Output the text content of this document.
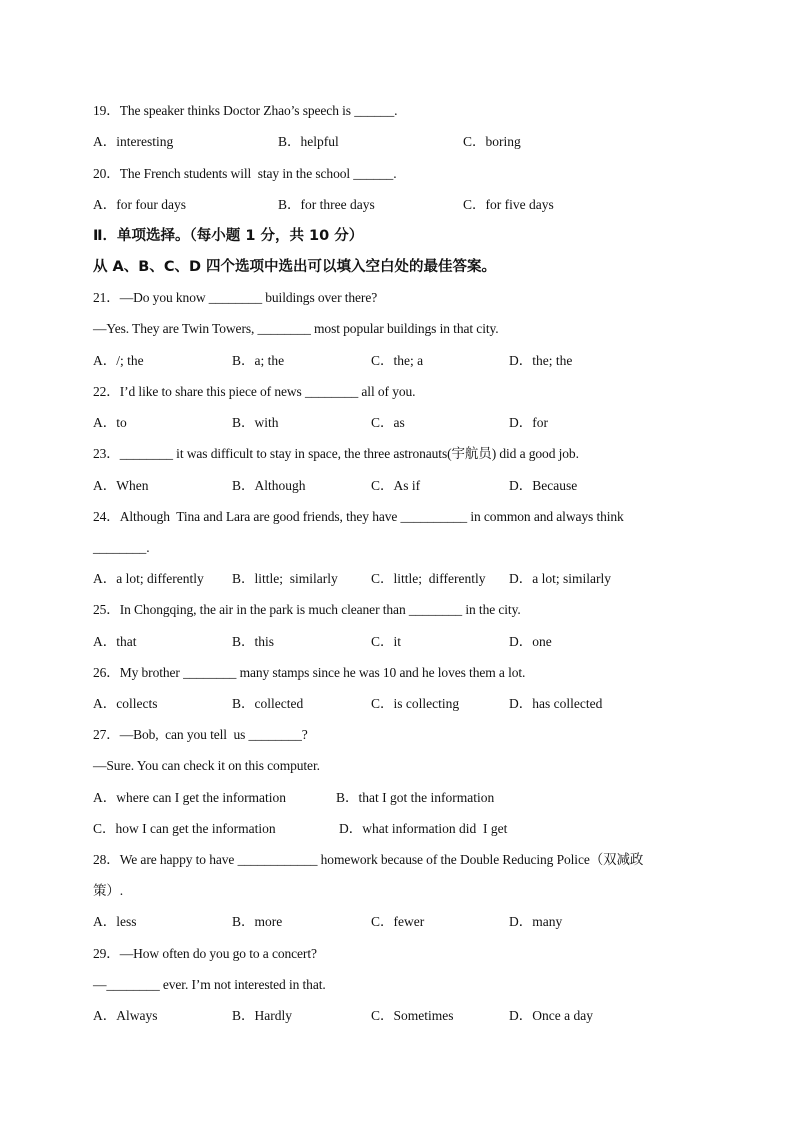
19．The speaker thinks Doctor Zhao’s speech is ______.
A．interesting	B．helpful	C．boring
20．The French students will  stay in the school ______.
A．for four days	B．for three days	C．for five days
Ⅱ．单项选择。（每小题 1 分，共 10 分）
从 A、B、C、D 四个选项中选出可以填入空白处的最佳答案。
21．—Do you know ________ buildings over there?
—Yes. They are Twin Towers, ________ most popular buildings in that city.
A．/; the	B．a; the	C．the; a	D．the; the
22．I’d like to share this piece of news ________ all of you.
A．to	B．with	C．as	D．for
23．________ it was difficult to stay in space, the three astronauts(宇航员) did a good job.
A．When	B．Although	C．As if	D．Because
24．Although  Tina and Lara are good friends, they have __________ in common and always think
________.
A．a lot; differently B．little;  similarly C．little;  differently D．a lot; similarly
25．In Chongqing, the air in the park is much cleaner than ________ in the city.
A．that	B．this	C．it	D．one
26．My brother ________ many stamps since he was 10 and he loves them a lot.
A．collects	B．collected	C．is collecting	D．has collected
27．—Bob,  can you tell  us ________?
—Sure. You can check it on this computer.
A．where can I get the information	B．that I got the information
C．how I can get the information	D．what information did  I get
28．We are happy to have ____________ homework because of the Double Reducing Police（双减政
策）.
A．less	B．more	C．fewer	D．many
29．—How often do you go to a concert?
—________ ever. I’m not interested in that.
A．Always	B．Hardly	C．Sometimes	D．Once a day
